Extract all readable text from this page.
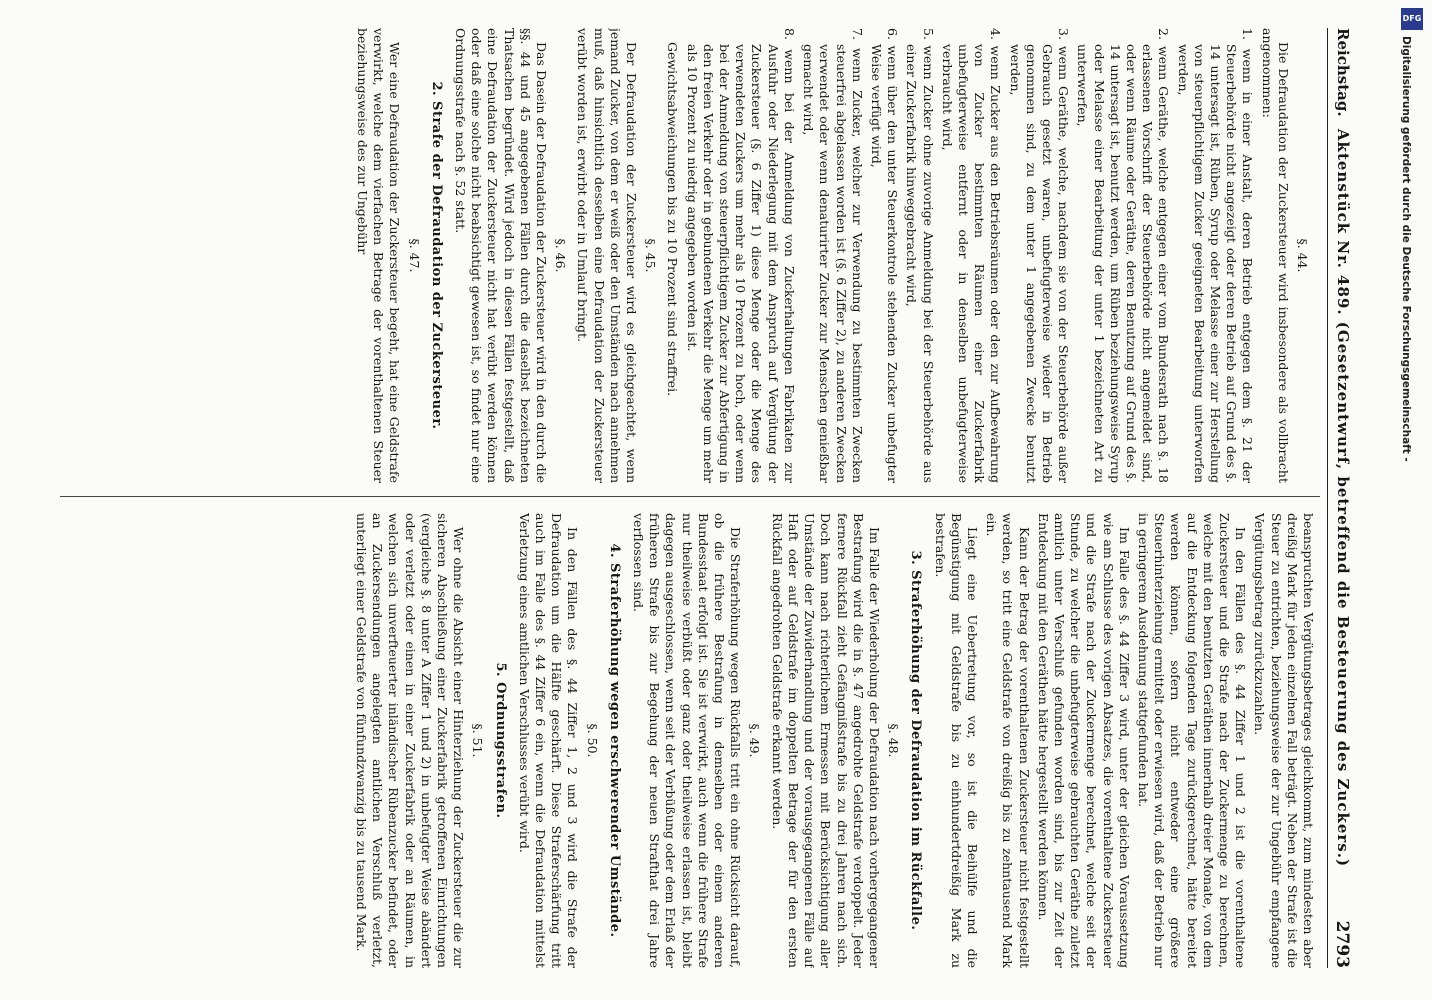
Reichstag.
Aktenstück Nr. 489. (Gesetzentwurf, betreffend die Besteuerung des Zuckers.)
2793
§. 44.

Die Defraudation der Zuckersteuer wird insbesondere als vollbracht angenommen:

1. wenn in einer Anstalt, deren Betrieb entgegen dem §. 21 der Steuerbehörde nicht angezeigt oder deren Betrieb auf Grund des §. 14 untersagt ist, Rüben, Syrup oder Melasse einer zur Herstellung von steuerpflichtigem Zucker geeigneten Bearbeitung unterworfen werden,

2. wenn Geräthe, welche entgegen einer vom Bundesrath nach §. 18 erlassenen Vorschrift der Steuerbehörde nicht angemeldet sind, oder wenn Räume oder Geräthe, deren Benutzung auf Grund des §. 14 untersagt ist, benutzt werden, um Rüben beziehungsweise Syrup oder Melasse einer Bearbeitung der unter 1 bezeichneten Art zu unterwerfen,

3. wenn Geräthe, welche, nachdem sie von der Steuerbehörde außer Gebrauch gesetzt waren, unbefugterweise wieder in Betrieb genommen sind, zu dem unter 1 angegebenen Zwecke benutzt werden,

4. wenn Zucker aus den Betriebsräumen oder den zur Aufbewahrung von Zucker bestimmten Räumen einer Zuckerfabrik unbefugterweise entfernt oder in denselben unbefugterweise verbraucht wird,

5. wenn Zucker ohne zuvorige Anmeldung bei der Steuerbehörde aus einer Zuckerfabrik hinweggebracht wird,

6. wenn über den unter Steuerkontrole stehenden Zucker unbefugter Weise verfügt wird,

7. wenn Zucker, welcher zur Verwendung zu bestimmten Zwecken steuerfrei abgelassen worden ist (§. 6 Ziffer 2), zu anderen Zwecken verwendet oder wenn denaturirter Zucker zur Menschen genießbar gemacht wird,

8. wenn bei der Anmeldung von Zuckerhaltungen Fabrikaten zur Ausfuhr oder Niederlegung mit dem Anspruch auf Vergütung der Zuckersteuer (§. 6 Ziffer 1) diese Menge oder die Menge des verwendeten Zuckers um mehr als 10 Prozent zu hoch, oder wenn bei der Anmeldung von steuerpflichtigem Zucker zur Abfertigung in den freien Verkehr oder in gebundenen Verkehr die Menge um mehr als 10 Prozent zu niedrig angegeben worden ist.

Gewichtsabweichungen bis zu 10 Prozent sind straffrei.

§. 45.

Der Defraudation der Zuckersteuer wird es gleichgeachtet, wenn jemand Zucker, von dem er weiß oder den Umständen nach annehmen muß, daß hinsichtlich desselben eine Defraudation der Zuckersteuer verübt worden ist, erwirbt oder in Umlauf bringt.

§. 46.

Das Dasein der Defraudation der Zuckersteuer wird in den durch die §§. 44 und 45 angegebenen Fällen durch die daselbst bezeichneten Thatsachen begründet. Wird jedoch in diesen Fällen festgestellt, daß eine Defraudation der Zuckersteuer nicht hat verübt werden können oder daß eine solche nicht beabsichtigt gewesen ist, so findet nur eine Ordnungsstrafe nach §. 52 statt.

2. Strafe der Defraudation der Zuckersteuer.
§. 47.

Wer eine Defraudation der Zuckersteuer begeht, hat eine Geldstrafe verwirkt, welche dem vierfachen Betrage der vorenthaltenen Steuer beziehungsweise des zur Ungebühr

beanspruchten Vergütungsbetrages gleichkommt, zum mindesten aber dreißig Mark für jeden einzelnen Fall beträgt. Neben der Strafe ist die Steuer zu entrichten, beziehungsweise der zur Ungebühr empfangene Vergütungsbetrag zurückzuzahlen.

In den Fällen des §. 44 Ziffer 1 und 2 ist die vorenthaltene Zuckersteuer und die Strafe nach der Zuckermenge zu berechnen, welche mit den benutzten Geräthen innerhalb dreier Monate, von dem auf die Entdeckung folgenden Tage zurückgerechnet, hätte bereitet werden können, sofern nicht entweder eine größere Steuerhinterziehung ermittelt oder erwiesen wird, daß der Betrieb nur in geringerem Ausdehnung stattgefunden hat.

Im Falle des §. 44 Ziffer 3 wird, unter der gleichen Voraussetzung wie am Schlusse des vorigen Absatzes, die vorenthaltene Zuckersteuer und die Strafe nach der Zuckermenge berechnet, welche seit der Stunde, zu welcher die unbefugterweise gebrauchten Geräthe zuletzt amtlich unter Verschluß gefunden worden sind, bis zur Zeit der Entdeckung mit den Geräthen hätte hergestellt werden können.

Kann der Betrag der vorenthaltenen Zuckersteuer nicht festgestellt werden, so tritt eine Geldstrafe von dreißig bis zu zehntausend Mark ein.

Liegt eine Uebertretung vor, so ist die Beihülfe und die Begünstigung mit Geldstrafe bis zu einhundertdreißig Mark zu bestrafen.

3. Straferhöhung der Defraudation im Rückfalle.
§. 48.

Im Falle der Wiederholung der Defraudation nach vorhergegangener Bestrafung wird die in §. 47 angedrohte Geldstrafe verdoppelt. Jeder fernere Rückfall zieht Gefängnißstrafe bis zu drei Jahren nach sich. Doch kann nach richterlichem Ermessen mit Berücksichtigung aller Umstände der Zuwiderhandlung und der vorausgegangenen Fälle auf Haft oder auf Geldstrafe im doppelten Betrage der für den ersten Rückfall angedrohten Geldstrafe erkannt werden.

§. 49.

Die Straferhöhung wegen Rückfalls tritt ein ohne Rücksicht darauf, ob die frühere Bestrafung in demselben oder einem anderen Bundesstaat erfolgt ist. Sie ist verwirkt, auch wenn die frühere Strafe nur theilweise verbüßt oder ganz oder theilweise erlassen ist, bleibt dagegen ausgeschlossen, wenn seit der Verbüßung oder dem Erlaß der früheren Strafe bis zur Begehung der neuen Strafthat drei Jahre verflossen sind.

4. Straferhöhung wegen erschwerender Umstände.
§. 50.

In den Fällen des §. 44 Ziffer 1, 2 und 3 wird die Strafe der Defraudation um die Hälfte geschärft. Diese Straferschärfung tritt auch im Falle des §. 44 Ziffer 6 ein, wenn die Defraudation mittelst Verletzung eines amtlichen Verschlusses verübt wird.

5. Ordnungsstrafen.
§. 51.

Wer ohne die Absicht einer Hinterziehung der Zuckersteuer die zur sicheren Abschließung einer Zuckerfabrik getroffenen Einrichtungen (vergleiche §. 8 unter A Ziffer 1 und 2) in unbefugter Weise abändert oder verletzt oder einen in einer Zuckerfabrik oder an Räumen, in welchen sich unverfteuerter inländischer Rübenzucker befindet, oder an Zuckersendungen angelegten amtlichen Verschluß verletzt, unterliegt einer Geldstrafe von fünfundzwanzig bis zu tausend Mark.

DFG
Digitalisierung gefördert durch die Deutsche Forschungsgemeinschaft -
